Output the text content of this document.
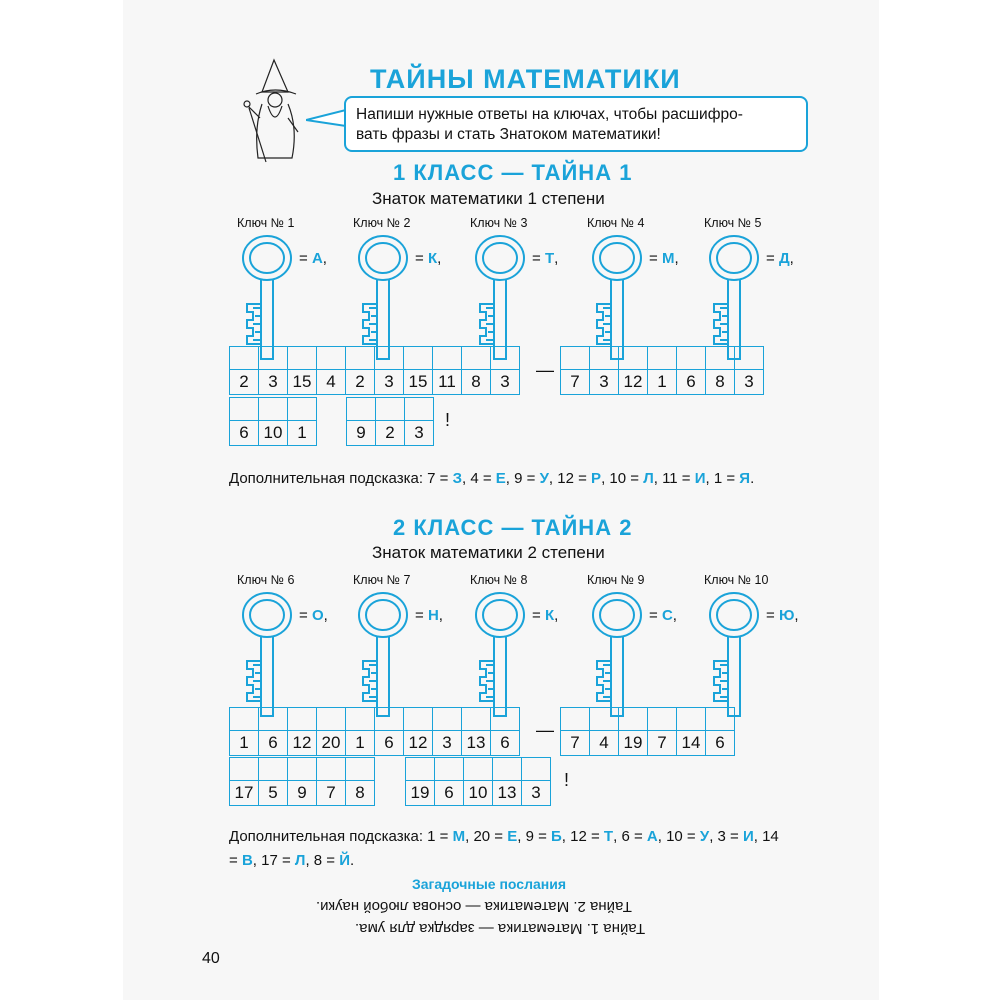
ТАЙНЫ МАТЕМАТИКИ
Напиши нужные ответы на ключах, чтобы расшифро-
вать фразы и стать Знатоком математики!
1 КЛАСС — ТАЙНА 1
Знаток математики 1 степени
Ключ № 1
= А,
Ключ № 2
= К,
Ключ № 3
= Т,
Ключ № 4
= М,
Ключ № 5
= Д,

2	3	15	4	2	3	15	11	8	3
—

7	3	12	1	6	8	3

6	10	1
			9	2	3
!
Дополнительная подсказка: 7 = З, 4 = Е, 9 = У, 12 = Р, 10 = Л, 11 = И, 1 = Я.
2 КЛАСС — ТАЙНА 2
Знаток математики 2 степени
Ключ № 6
= О,
Ключ № 7
= Н,
Ключ № 8
= К,
Ключ № 9
= С,
Ключ № 10
= Ю,

1	6	12	20	1	6	12	3	13	6
—

7	4	19	7	14	6

17	5	9	7	8
					19	6	10	13	3
!
Дополнительная подсказка: 1 = М, 20 = Е, 9 = Б, 12 = Т, 6 = А, 10 = У, 3 = И, 14 = В, 17 = Л, 8 = Й.
Загадочные послания
Тайна 2. Математика — основа любой науки.
Тайна 1. Математика — зарядка для ума.
40
